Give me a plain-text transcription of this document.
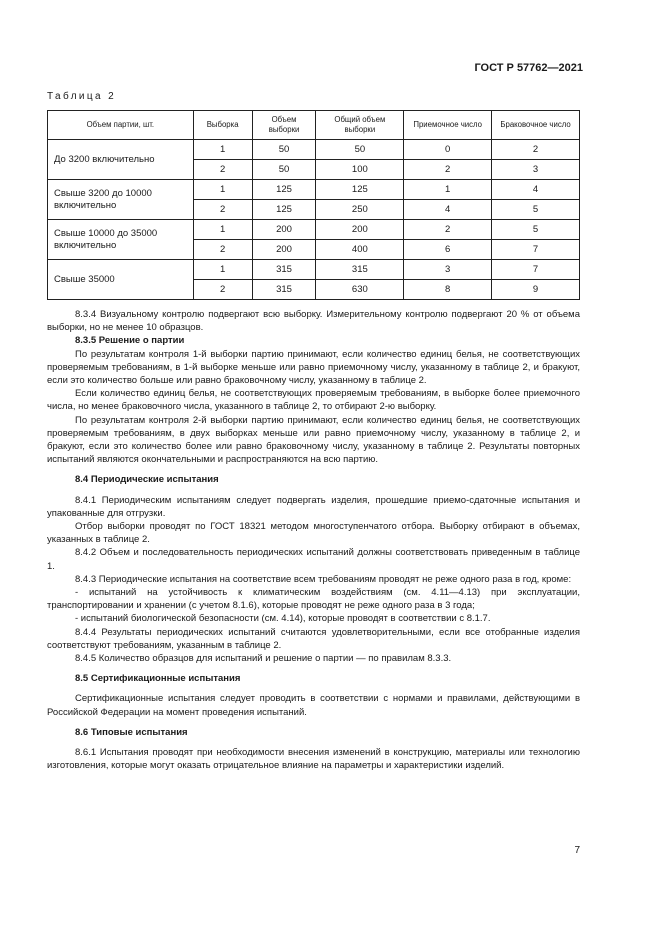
ГОСТ Р 57762—2021
Таблица 2
Объем партии, шт.	Выборка	Объем выборки	Общий объем выборки	Приемочное число	Браковочное число
До 3200 включительно	1	50	50	0	2
	2	50	100	2	3
Свыше 3200 до 10000 включительно	1	125	125	1	4
	2	125	250	4	5
Свыше 10000 до 35000 включительно	1	200	200	2	5
	2	200	400	6	7
Свыше 35000	1	315	315	3	7
	2	315	630	8	9

8.3.4 Визуальному контролю подвергают всю выборку. Измерительному контролю подвергают 20 % от объема выборки, но не менее 10 образцов.

8.3.5 Решение о партии

По результатам контроля 1-й выборки партию принимают, если количество единиц белья, не соответствующих проверяемым требованиям, в 1-й выборке меньше или равно приемочному числу, указанному в таблице 2, и бракуют, если это количество больше или равно браковочному числу, указанному в таблице 2.

Если количество единиц белья, не соответствующих проверяемым требованиям, в выборке более приемочного числа, но менее браковочного числа, указанного в таблице 2, то отбирают 2-ю выборку.

По результатам контроля 2-й выборки партию принимают, если количество единиц белья, не соответствующих проверяемым требованиям, в двух выборках меньше или равно приемочному числу, указанному в таблице 2, и бракуют, если это количество более или равно браковочному числу, указанному в таблице 2. Результаты повторных испытаний являются окончательными и распространяются на всю партию.

8.4 Периодические испытания

8.4.1 Периодическим испытаниям следует подвергать изделия, прошедшие приемо-сдаточные испытания и упакованные для отгрузки.

Отбор выборки проводят по ГОСТ 18321 методом многоступенчатого отбора. Выборку отбирают в объемах, указанных в таблице 2.

8.4.2 Объем и последовательность периодических испытаний должны соответствовать приведенным в таблице 1.

8.4.3 Периодические испытания на соответствие всем требованиям проводят не реже одного раза в год, кроме:

- испытаний на устойчивость к климатическим воздействиям (см. 4.11—4.13) при эксплуатации, транспортировании и хранении (с учетом 8.1.6), которые проводят не реже одного раза в 3 года;

- испытаний биологической безопасности (см. 4.14), которые проводят в соответствии с 8.1.7.

8.4.4 Результаты периодических испытаний считаются удовлетворительными, если все отобранные изделия соответствуют требованиям, указанным в таблице 2.

8.4.5 Количество образцов для испытаний и решение о партии — по правилам 8.3.3.

8.5 Сертификационные испытания

Сертификационные испытания следует проводить в соответствии с нормами и правилами, действующими в Российской Федерации на момент проведения испытаний.

8.6 Типовые испытания

8.6.1 Испытания проводят при необходимости внесения изменений в конструкцию, материалы или технологию изготовления, которые могут оказать отрицательное влияние на параметры и характеристики изделий.

7
